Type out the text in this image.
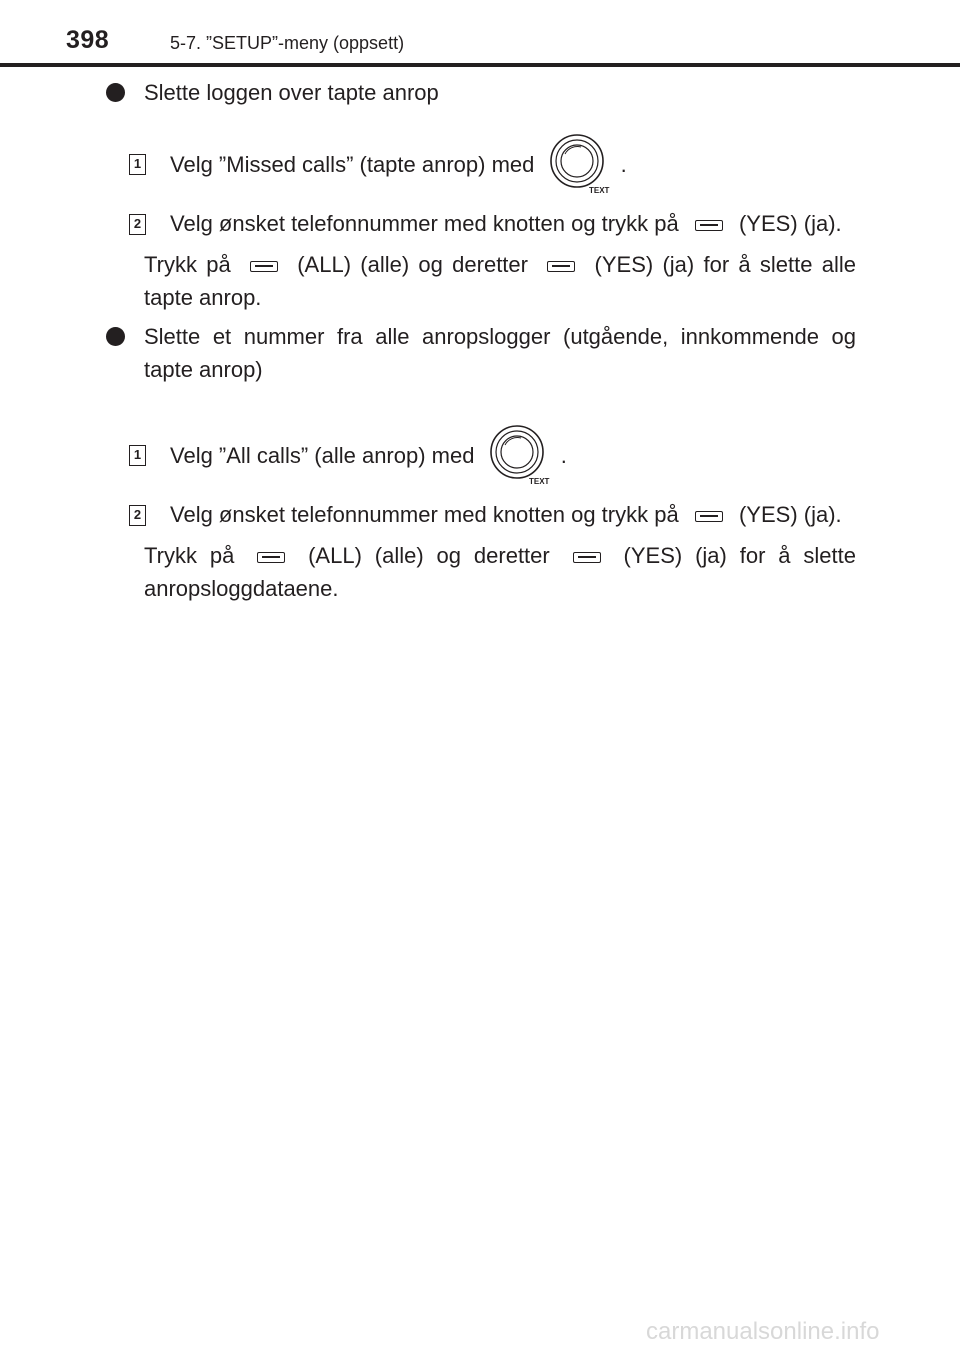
398	5-7. ”SETUP”-meny (oppsett)
Slette loggen over tapte anrop
1 Velg ”Missed calls” (tapte anrop) med
TEXT
.
2 Velg ønsket telefonnummer med knotten og trykk på	(YES) (ja).
Trykk på	(ALL) (alle) og deretter	(YES) (ja) for å slette alle tapte anrop.
Slette et nummer fra alle anropslogger (utgående, innkommende og tapte anrop)
1 Velg ”All calls” (alle anrop) med
TEXT
.
2 Velg ønsket telefonnummer med knotten og trykk på	(YES) (ja).
Trykk på	(ALL) (alle) og deretter	(YES) (ja) for å slette anropsloggdataene.
carmanualsonline.info
